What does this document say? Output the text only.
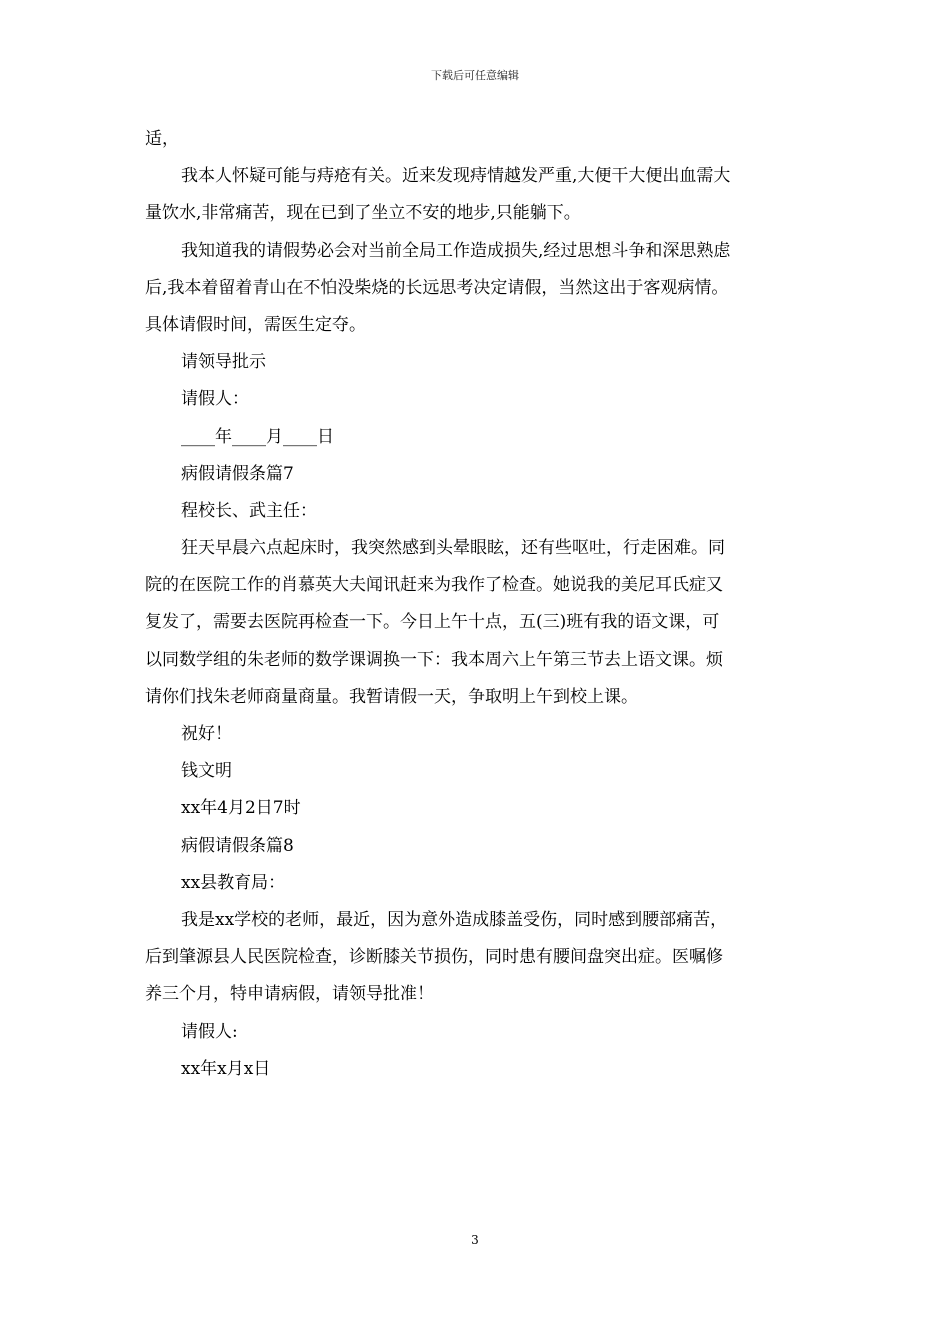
下载后可任意编辑
适，
我本人怀疑可能与痔疮有关。近来发现痔情越发严重,大便干大便出血需大
量饮水,非常痛苦，现在已到了坐立不安的地步,只能躺下。
我知道我的请假势必会对当前全局工作造成损失,经过思想斗争和深思熟虑
后,我本着留着青山在不怕没柴烧的长远思考决定请假，当然这出于客观病情。
具体请假时间，需医生定夺。
请领导批示
请假人：
____年____月____日
病假请假条篇7
程校长、武主任：
狂天早晨六点起床时，我突然感到头晕眼眩，还有些呕吐，行走困难。同
院的在医院工作的肖慕英大夫闻讯赶来为我作了检查。她说我的美尼耳氏症又
复发了，需要去医院再检查一下。今日上午十点，五(三)班有我的语文课，可
以同数学组的朱老师的数学课调换一下：我本周六上午第三节去上语文课。烦
请你们找朱老师商量商量。我暂请假一天，争取明上午到校上课。
祝好！
钱文明
xx年4月2日7时
病假请假条篇8
xx县教育局：
我是xx学校的老师，最近，因为意外造成膝盖受伤，同时感到腰部痛苦，
后到肇源县人民医院检查，诊断膝关节损伤，同时患有腰间盘突出症。医嘱修
养三个月，特申请病假，请领导批准！
请假人:
xx年x月x日
3
